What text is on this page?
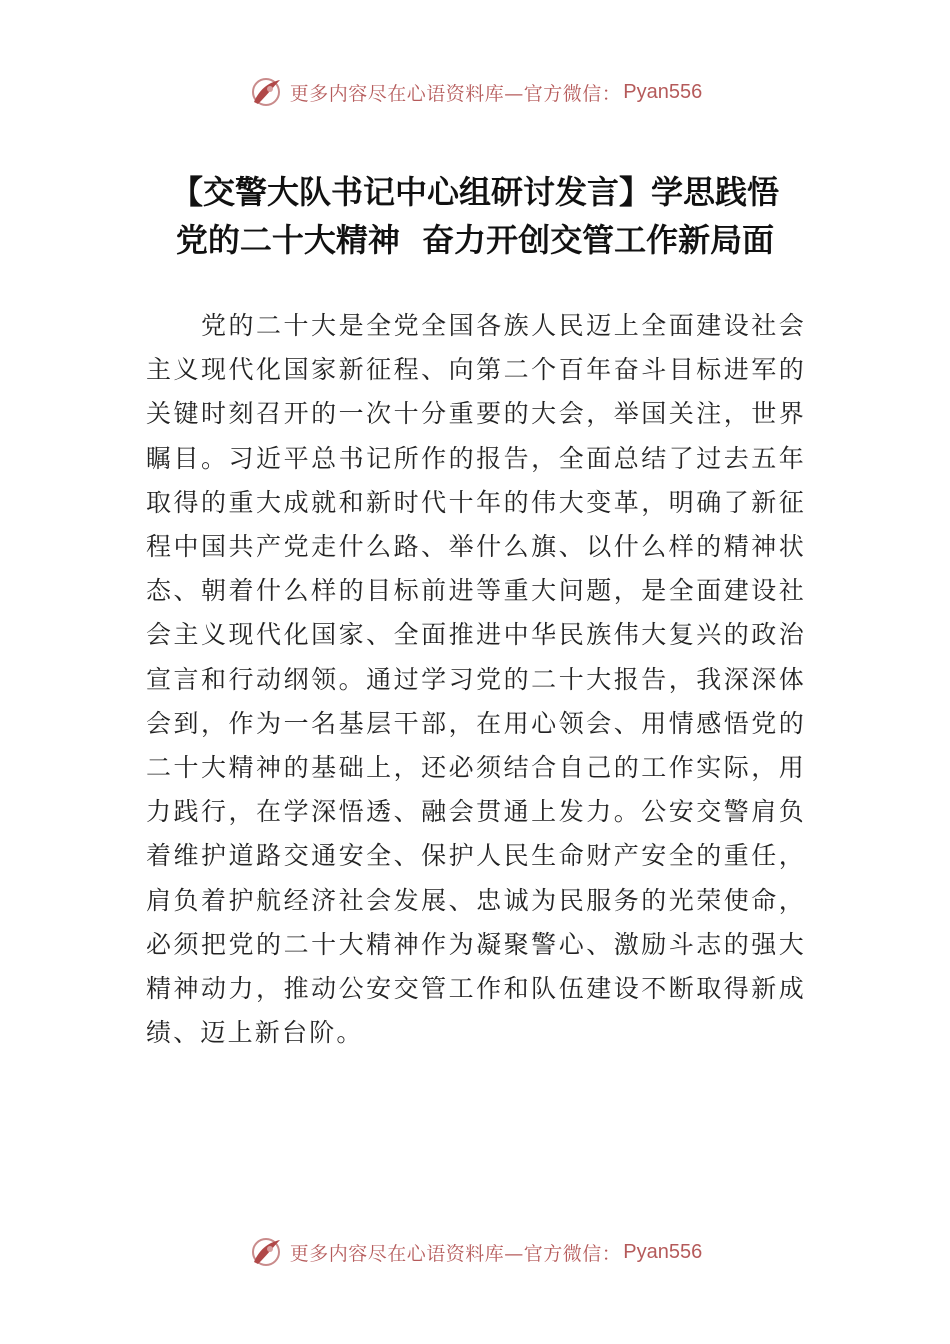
更多内容尽在心语资料库—官方微信： Pyan556
【交警大队书记中心组研讨发言】学思践悟
党的二十大精神  奋力开创交管工作新局面

党的二十大是全党全国各族人民迈上全面建设社会主义现代化国家新征程、向第二个百年奋斗目标进军的关键时刻召开的一次十分重要的大会，举国关注，世界瞩目。习近平总书记所作的报告，全面总结了过去五年取得的重大成就和新时代十年的伟大变革，明确了新征程中国共产党走什么路、举什么旗、以什么样的精神状态、朝着什么样的目标前进等重大问题，是全面建设社会主义现代化国家、全面推进中华民族伟大复兴的政治宣言和行动纲领。通过学习党的二十大报告，我深深体会到，作为一名基层干部，在用心领会、用情感悟党的二十大精神的基础上，还必须结合自己的工作实际，用力践行，在学深悟透、融会贯通上发力。公安交警肩负着维护道路交通安全、保护人民生命财产安全的重任，肩负着护航经济社会发展、忠诚为民服务的光荣使命，必须把党的二十大精神作为凝聚警心、激励斗志的强大精神动力，推动公安交管工作和队伍建设不断取得新成绩、迈上新台阶。

更多内容尽在心语资料库—官方微信： Pyan556
